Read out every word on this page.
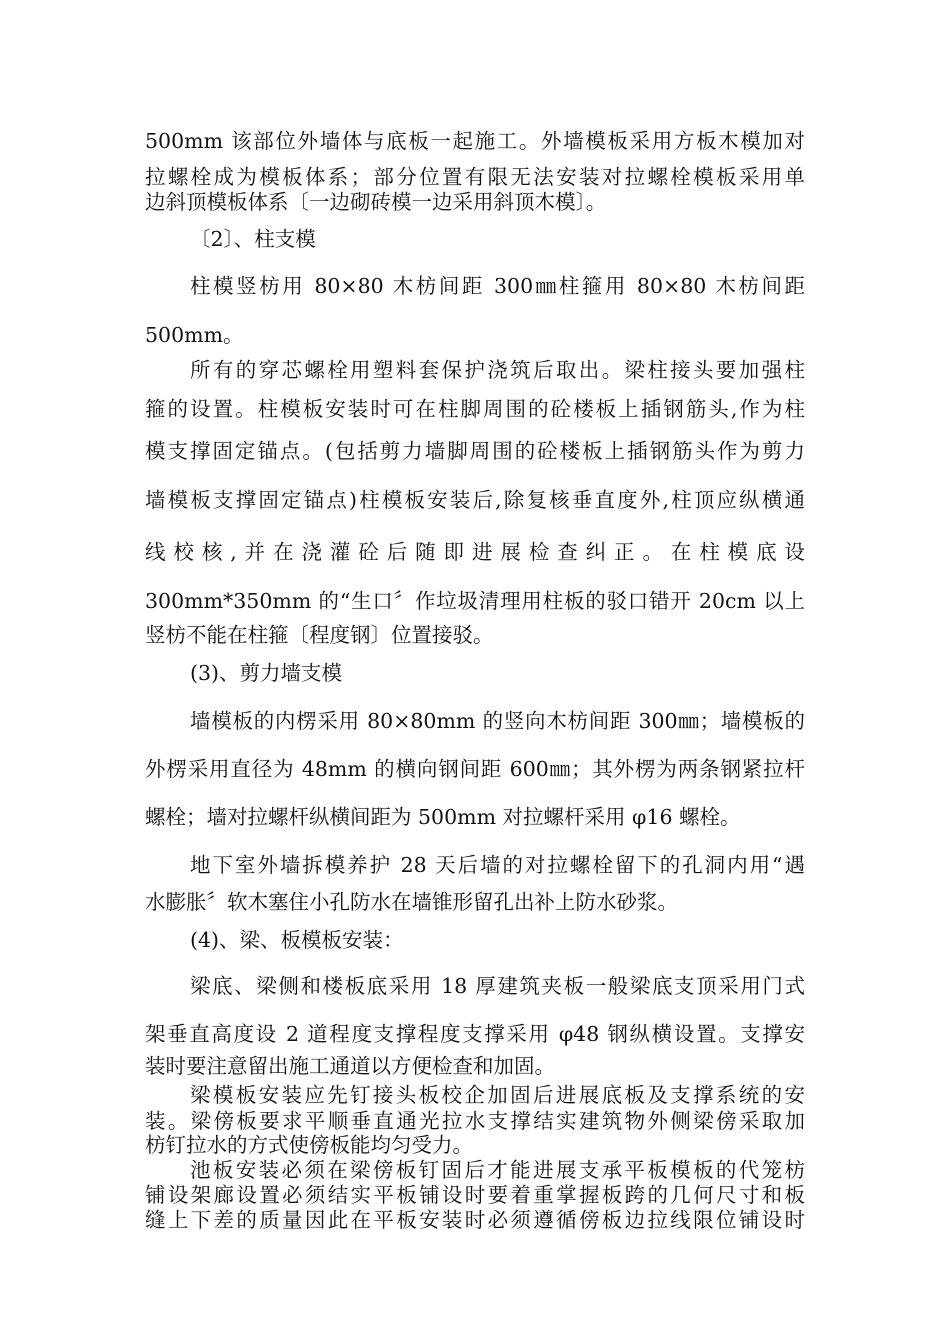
500mm 该部位外墙体与底板一起施工。外墙模板采用方板木模加对
拉螺栓成为模板体系；部分位置有限无法安装对拉螺栓模板采用单
边斜顶模板体系〔一边砌砖模一边采用斜顶木模〕。
〔2〕、柱支模
柱模竖枋用 80×80 木枋间距 300㎜柱箍用 80×80 木枋间距
500mm。
所有的穿芯螺栓用塑料套保护浇筑后取出。梁柱接头要加强柱
箍的设置。柱模板安装时可在柱脚周围的砼楼板上插钢筋头,作为柱
模支撑固定锚点。(包括剪力墙脚周围的砼楼板上插钢筋头作为剪力
墙模板支撑固定锚点)柱模板安装后,除复核垂直度外,柱顶应纵横通
线校核,并在浇灌砼后随即进展检查纠正。在柱模底设
300mm*350mm 的“生口〞作垃圾清理用柱板的驳口错开 20cm 以上
竖枋不能在柱箍〔程度钢〕位置接驳。
(3)、剪力墙支模
墙模板的内楞采用 80×80mm 的竖向木枋间距 300㎜；墙模板的
外楞采用直径为 48mm 的横向钢间距 600㎜；其外楞为两条钢紧拉杆
螺栓；墙对拉螺杆纵横间距为 500mm 对拉螺杆采用 φ16 螺栓。
地下室外墙拆模养护 28 天后墙的对拉螺栓留下的孔洞内用“遇
水膨胀〞软木塞住小孔防水在墙锥形留孔出补上防水砂浆。
(4)、梁、板模板安装：
梁底、梁侧和楼板底采用 18 厚建筑夹板一般梁底支顶采用门式
架垂直高度设 2 道程度支撑程度支撑采用 φ48 钢纵横设置。支撑安
装时要注意留出施工通道以方便检查和加固。
梁模板安装应先钉接头板校企加固后进展底板及支撑系统的安
装。梁傍板要求平顺垂直通光拉水支撑结实建筑物外侧梁傍采取加
枋钉拉水的方式使傍板能均匀受力。
池板安装必须在梁傍板钉固后才能进展支承平板模板的代笼枋
铺设架廊设置必须结实平板铺设时要着重掌握板跨的几何尺寸和板
缝上下差的质量因此在平板安装时必须遵循傍板边拉线限位铺设时
